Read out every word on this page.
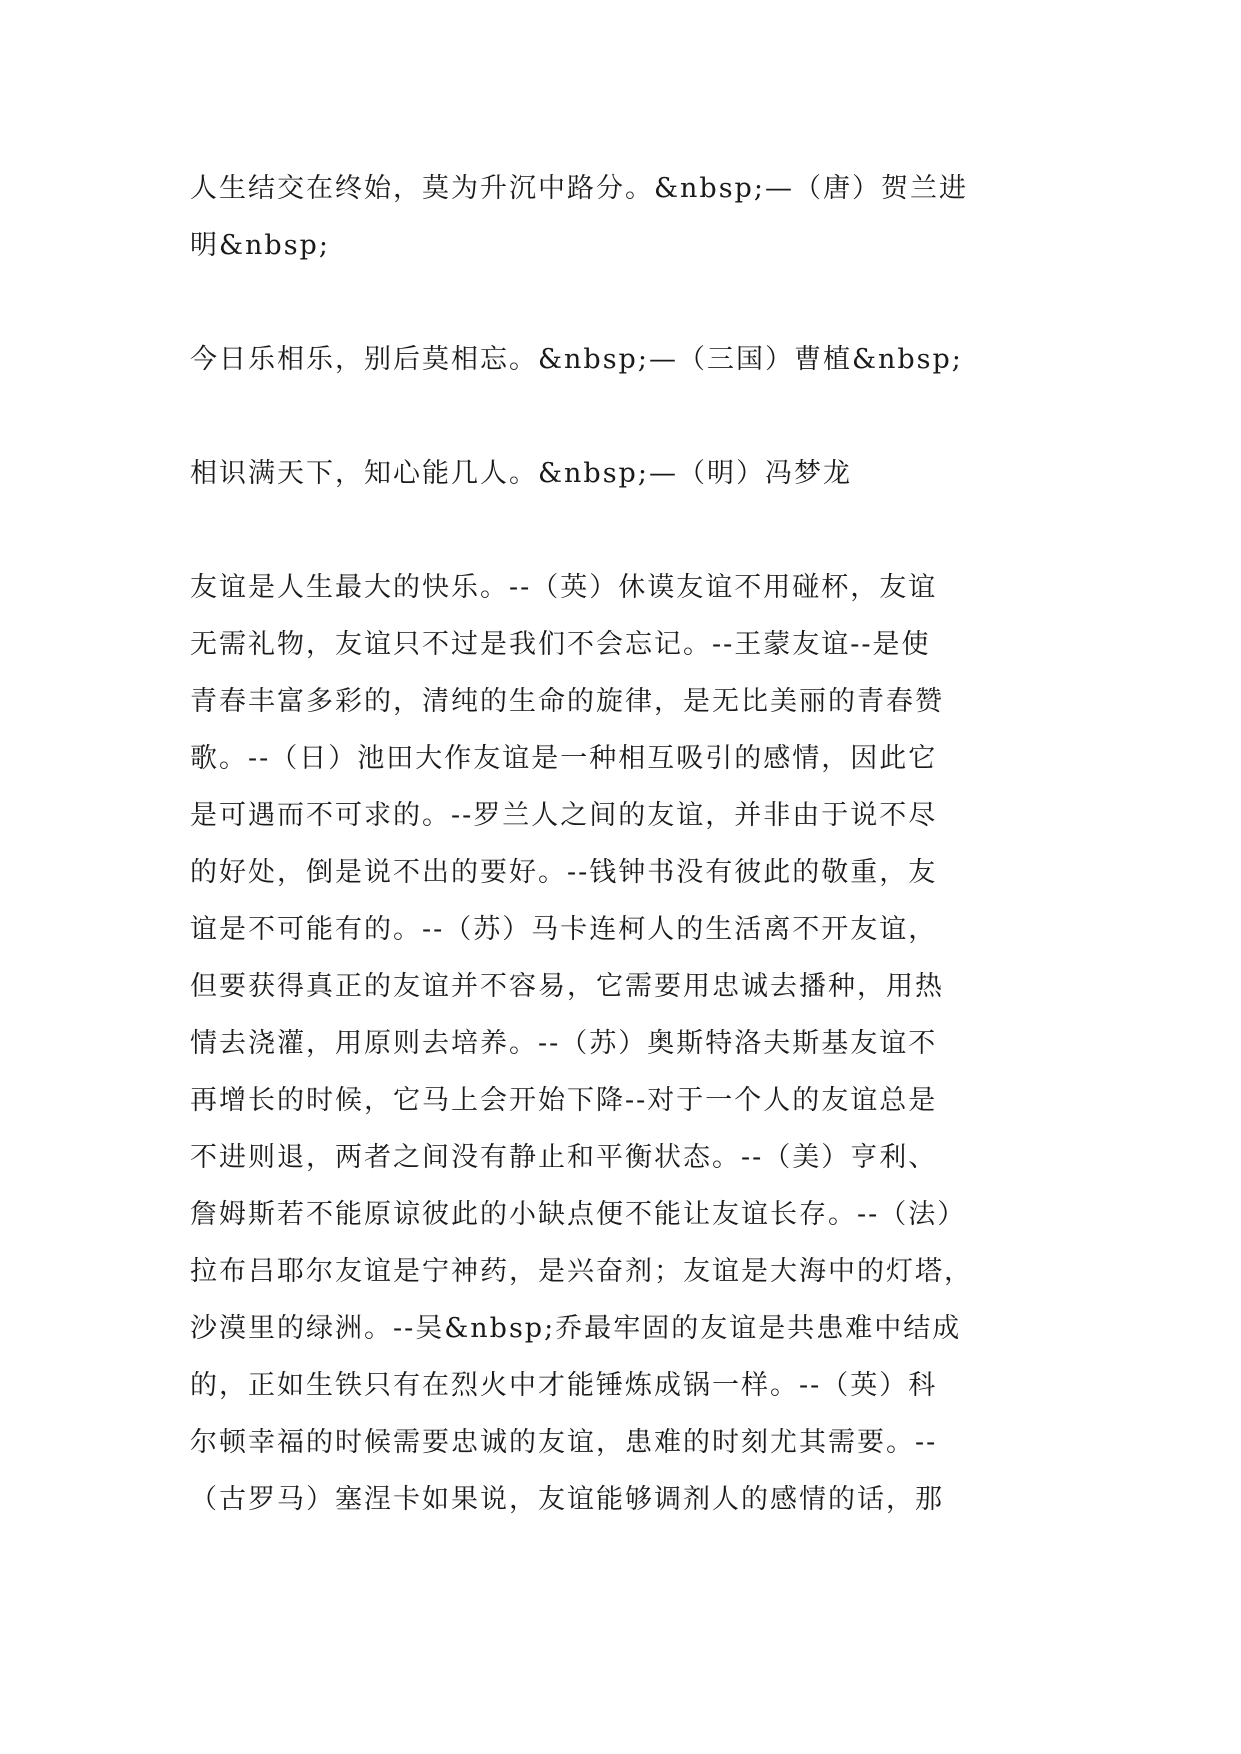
人生结交在终始，莫为升沉中路分。&nbsp;—（唐）贺兰进
明&nbsp;
今日乐相乐，别后莫相忘。&nbsp;—（三国）曹植&nbsp;
相识满天下，知心能几人。&nbsp;—（明）冯梦龙
友谊是人生最大的快乐。--（英）休谟友谊不用碰杯，友谊
无需礼物，友谊只不过是我们不会忘记。--王蒙友谊--是使
青春丰富多彩的，清纯的生命的旋律，是无比美丽的青春赞
歌。--（日）池田大作友谊是一种相互吸引的感情，因此它
是可遇而不可求的。--罗兰人之间的友谊，并非由于说不尽
的好处，倒是说不出的要好。--钱钟书没有彼此的敬重，友
谊是不可能有的。--（苏）马卡连柯人的生活离不开友谊，
但要获得真正的友谊并不容易，它需要用忠诚去播种，用热
情去浇灌，用原则去培养。--（苏）奥斯特洛夫斯基友谊不
再增长的时候，它马上会开始下降--对于一个人的友谊总是
不进则退，两者之间没有静止和平衡状态。--（美）亨利、
詹姆斯若不能原谅彼此的小缺点便不能让友谊长存。--（法）
拉布吕耶尔友谊是宁神药，是兴奋剂；友谊是大海中的灯塔，
沙漠里的绿洲。--吴&nbsp;乔最牢固的友谊是共患难中结成
的，正如生铁只有在烈火中才能锤炼成锅一样。--（英）科
尔顿幸福的时候需要忠诚的友谊，患难的时刻尤其需要。--
（古罗马）塞涅卡如果说，友谊能够调剂人的感情的话，那
